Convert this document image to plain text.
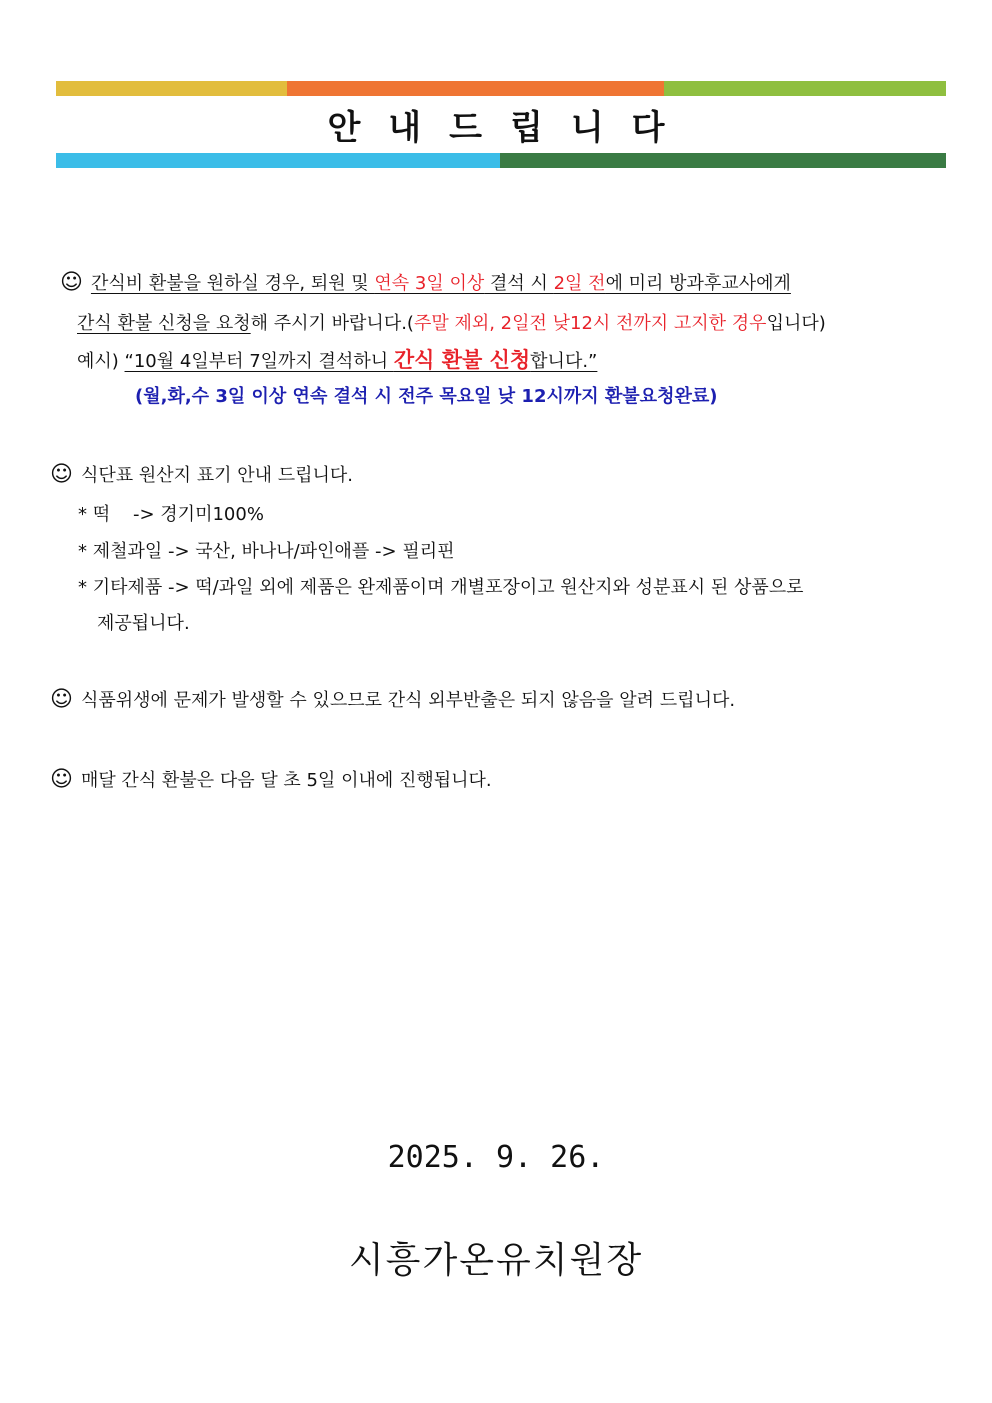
안내드립니다
☺ 간식비 환불을 원하실 경우, 퇴원 및 연속 3일 이상 결석 시 2일 전에 미리 방과후교사에게
간식 환불 신청을 요청해 주시기 바랍니다.(주말 제외, 2일전 낮12시 전까지 고지한 경우입니다)
예시) “10월 4일부터 7일까지 결석하니 간식 환불 신청합니다.”
(월,화,수 3일 이상 연속 결석 시 전주 목요일 낮 12시까지 환불요청완료)
☺ 식단표 원산지 표기 안내 드립니다.
* 떡    -> 경기미100%
* 제철과일 -> 국산, 바나나/파인애플 -> 필리핀
* 기타제품 -> 떡/과일 외에 제품은 완제품이며 개별포장이고 원산지와 성분표시 된 상품으로
제공됩니다.
☺ 식품위생에 문제가 발생할 수 있으므로 간식 외부반출은 되지 않음을 알려 드립니다.
☺ 매달 간식 환불은 다음 달 초 5일 이내에 진행됩니다.
2025. 9. 26.
시흥가온유치원장
